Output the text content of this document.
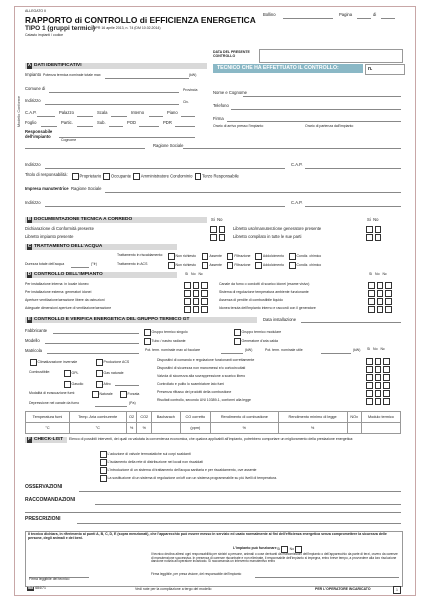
Modello Conforme
ALLEGATO II
RAPPORTO di CONTROLLO di EFFICIENZA ENERGETICA
TIPO 1 (gruppi termici)
DPR 16 aprile 2013, n. 74 (DM 10.02.2014)
Bollino	Pagina	di
Catasto impianti / codice
DATA DEL PRESENTE CONTROLLO
TECNICO CHE HA EFFETTUATO IL CONTROLLO:	n.
A DATI IDENTIFICATIVI
Impianto Potenza termica nominale totale max	(kW)
Comune di	Provincia
Indirizzo	Civ.
C.A.P.	Palazzo	Scala	Interno	Piano
Foglio	Partic.	Sub.	POD	PDR
Responsabile
dell'impianto
Cognome
Nome e Cognome
Telefono
Orario di arrivo presso l'impianto	Orario di partenza dall'impianto
Firma
Ragione Sociale
Indirizzo	C.A.P.
Titolo di responsabilità:	Proprietario Occupante Amministratore Condominio Terzo Responsabile
Impresa manutentrice Ragione Sociale
Indirizzo	C.A.P.
B DOCUMENTAZIONE TECNICA A CORREDO	Si No	Si No
Dichiarazione di Conformità presente
Libretto impianto presente
Libretto uso/manutenzione generatore presente
Libretto compilato in tutte le sue parti
C TRATTAMENTO DELL'ACQUA
Trattamento in riscaldamento:	Non richiesto	Assente	Filtrazione	Addolcimento	Condiz. chimico
Durezza totale dell'acqua	(°fr)	Trattamento in ACS	Non richiesto	Assente	Filtrazione	Addolcimento	Condiz. chimico
D CONTROLLO DELL'IMPIANTO	Si No Nc	Si No Nc
Per installazione interna: in locale idoneo
Per installazione esterna: generatori idonei
Aperture ventilazione/aerazione libere da ostruzioni
Adeguate dimensioni aperture di ventilazione/aerazione
Canale da fumo o condotti di scarico idonei (esame visivo)
Sistema di regolazione temperatura ambiente funzionante
Assenza di perdite di combustibile liquido
Idonea tenuta dell'impianto interno e raccordi con il generatore
E CONTROLLO E VERIFICA ENERGETICA DEL GRUPPO TERMICO GT	Data installazione
Fabbricante
Modello
Matricola
Gruppo termico singolo	Gruppo termico modulare
Tubo / nastro radiante	Generatore d'aria calda
Pot. term. nominale max al focolare	(kW)	Pot. term. nominale utile	(kW) Si No Nc
Climatizzazione invernale	Produzione ACS
Combustibile:	GPL	Gas naturale
Gasolio	Altro
Modalità di evacuazione fumi:	Naturale	Forzata
Depressione nel canale da fumo	(Pa)
Dispositivi di comando e regolazione funzionanti correttamente
Dispositivi di sicurezza non manomessi e/o cortocircuitati
Valvola di sicurezza alla sovrappressione a scarico libero
Controllato e pulito lo scambiatore lato fumi
Presenza riflusso dei prodotti della combustione
Risultati controllo, secondo UNI 10389-1, conformi alla legge
Temperatura fumi	Temp. Aria comburente	O2	CO2	Bacharach	CO corretto	Rendimento di combustione	Rendimento minimo di legge	NOx	Modulo termico
°C	°C	%	%		(ppm)	%	%		
F CHECK-LIST	Elenco di possibili interventi, dei quali va valutata la convenienza economica, che qualora applicabili all'impianto, potrebbero comportare un miglioramento della prestazione energetica:
L'adozione di valvole termostatiche sui corpi scaldanti
L'isolamento della rete di distribuzione nei locali non riscaldati
L'introduzione di un sistema di trattamento dell'acqua sanitaria e per riscaldamento, ove assente
La sostituzione di un sistema di regolazione on/off con un sistema programmabile su più livelli di temperatura.
OSSERVAZIONI
RACCOMANDAZIONI
PRESCRIZIONI
Il tecnico dichiara, in riferimento ai punti A, B, C, D, E (sopra menzionati), che l'apparecchio può essere messo in servizio ed usato normalmente ai fini dell'efficienza energetica senza compromettere la sicurezza delle persone, degli animali e dei beni.
L'impianto può funzionare Si	No
Il tecnico declina altresì ogni responsabilità per sinistri a persone, animali o cose derivanti da manomissioni dell'impianto o dell'apparecchio da parte di terzi, ovvero da carenze di manutenzione successiva. In presenza di carenze riscontrate e non eliminate, il responsabile dell'impianto si impegna, entro breve tempo, a provvedere alla loro risoluzione dandone notizia all'operatore incaricato. Si raccomanda un intervento manutentivo entro
Firma leggibile del tecnico
Firma leggibile, per presa visione, del responsabile dell'impianto
ibd 684/71	Vedi note per la compilazione a tergo del modello	PER L'OPERATORE INCARICATO	1
